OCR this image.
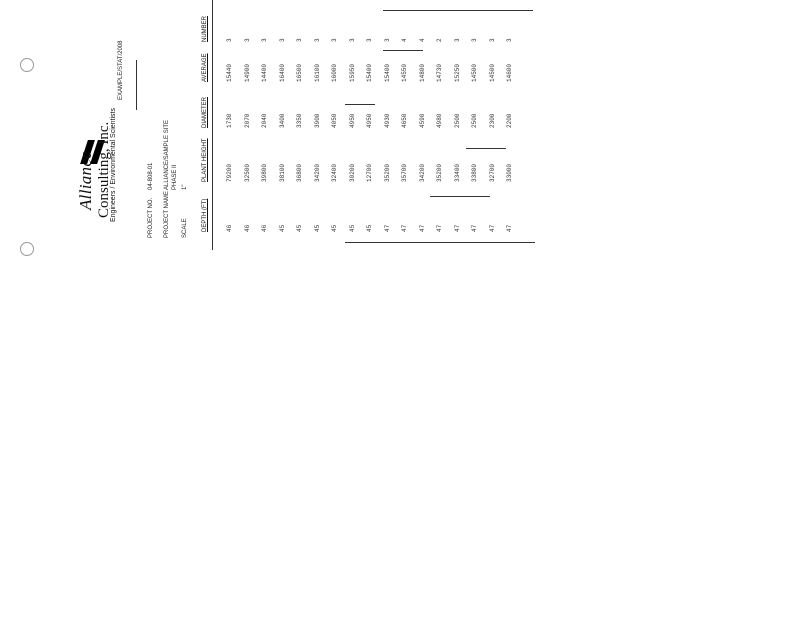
Alliance Consulting, Inc.
Engineers / Environmental Scientists
EXAMPLE/STAT/2008
PROJECT NO.
04-808-01
PROJECT NAME
ALLIANCE/SAMPLE SITE PHASE II
SCALE
1"
DEPTH (FT)
PLANT HEIGHT
DIAMETER
AVERAGE
NUMBER
46
79200
1730
15440
3
46
32500
2070
14900
3
46
39800
2040
14400
3
45
38100
3400
16400
3
45
36800
3350
16500
3
45
34200
3900
16100
3
45
32400
4050
16000
3
45
30200
4950
15950
3
45
12700
4950
15400
3
47
35200
4930
15400
3
47
35700
4650
14550
4
47
34200
4590
14800
4
47
35200
4980
14730
2
47
33400
2500
15250
3
47
33800
2500
14500
3
47
32700
2300
14500
3
47
33000
2200
14600
3
